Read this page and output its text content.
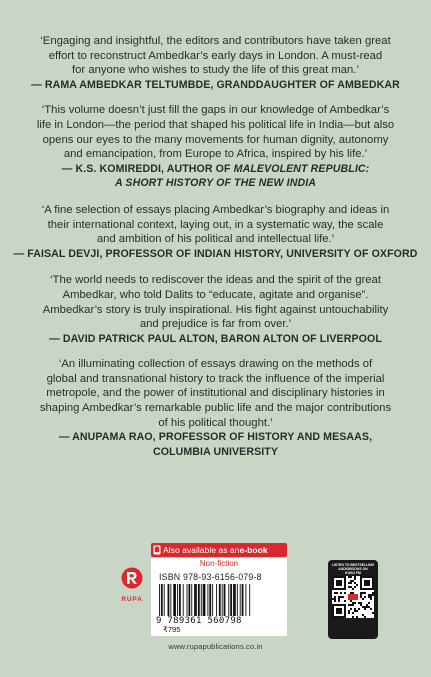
‘Engaging and insightful, the editors and contributors have taken great

effort to reconstruct Ambedkar’s early days in London. A must-read

for anyone who wishes to study the life of this great man.’

— RAMA AMBEDKAR TELTUMBDE, GRANDDAUGHTER OF AMBEDKAR

‘This volume doesn’t just fill the gaps in our knowledge of Ambedkar’s

life in London—the period that shaped his political life in India—but also

opens our eyes to the many movements for human dignity, autonomy

and emancipation, from Europe to Africa, inspired by his life.’

— K.S. KOMIREDDI, AUTHOR OF MALEVOLENT REPUBLIC:

A SHORT HISTORY OF THE NEW INDIA

‘A fine selection of essays placing Ambedkar’s biography and ideas in

their international context, laying out, in a systematic way, the scale

and ambition of his political and intellectual life.’

— FAISAL DEVJI, PROFESSOR OF INDIAN HISTORY, UNIVERSITY OF OXFORD

‘The world needs to rediscover the ideas and the spirit of the great

Ambedkar, who told Dalits to “educate, agitate and organise”.

Ambedkar’s story is truly inspirational. His fight against untouchability

and prejudice is far from over.’

— DAVID PATRICK PAUL ALTON, BARON ALTON OF LIVERPOOL

‘An illuminating collection of essays drawing on the methods of

global and transnational history to track the influence of the imperial

metropole, and the power of institutional and disciplinary histories in

shaping Ambedkar’s remarkable public life and the major contributions

of his political thought.’

— ANUPAMA RAO, PROFESSOR OF HISTORY AND MESAAS,

COLUMBIA UNIVERSITY

Also available as an e-book
Non-fiction
RUPA
ISBN 978-93-6156-079-8
9 789361 560798
₹795
LISTEN TO BESTSELLING
AUDIOBOOKS ON
KUKU FM
www.rupapublications.co.in
